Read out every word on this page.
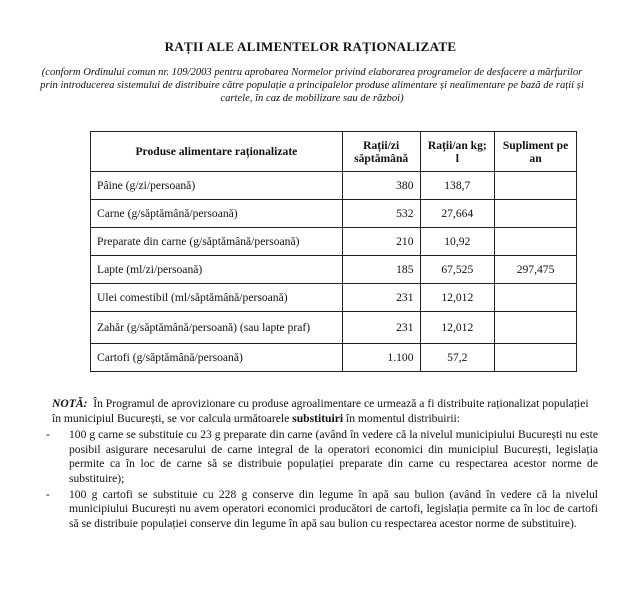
RAȚII ALE ALIMENTELOR RAȚIONALIZATE
(conform Ordinului comun nr. 109/2003 pentru aprobarea Normelor privind elaborarea programelor de desfacere a mărfurilor prin introducerea sistemului de distribuire către populație a principalelor produse alimentare și nealimentare pe bază de rații și cartele, în caz de mobilizare sau de război)
Produse alimentare raționalizate	Rații/zi săptămână	Rații/an kg; l	Supliment pe an
Pâine (g/zi/persoană)	380	138,7	
Carne (g/săptămână/persoană)	532	27,664	
Preparate din carne (g/săptămână/persoană)	210	10,92	
Lapte (ml/zi/persoană)	185	67,525	297,475
Ulei comestibil (ml/săptămână/persoană)	231	12,012	
Zahăr (g/săptămână/persoană) (sau lapte praf)	231	12,012	
Cartofi (g/săptămână/persoană)	1.100	57,2	

NOTĂ: În Programul de aprovizionare cu produse agroalimentare ce urmează a fi distribuite raționalizat populației în municipiul București, se vor calcula următoarele substituiri în momentul distribuirii:

- 100 g carne se substituie cu 23 g preparate din carne (având în vedere că la nivelul municipiului București nu este posibil asigurare necesarului de carne integral de la operatori economici din municipiul București, legislația permite ca în loc de carne să se distribuie populației preparate din carne cu respectarea acestor norme de substituire);
- 100 g cartofi se substituie cu 228 g conserve din legume în apă sau bulion (având în vedere că la nivelul municipiului București nu avem operatori economici producători de cartofi, legislația permite ca în loc de cartofi să se distribuie populației conserve din legume în apă sau bulion cu respectarea acestor norme de substituire).
